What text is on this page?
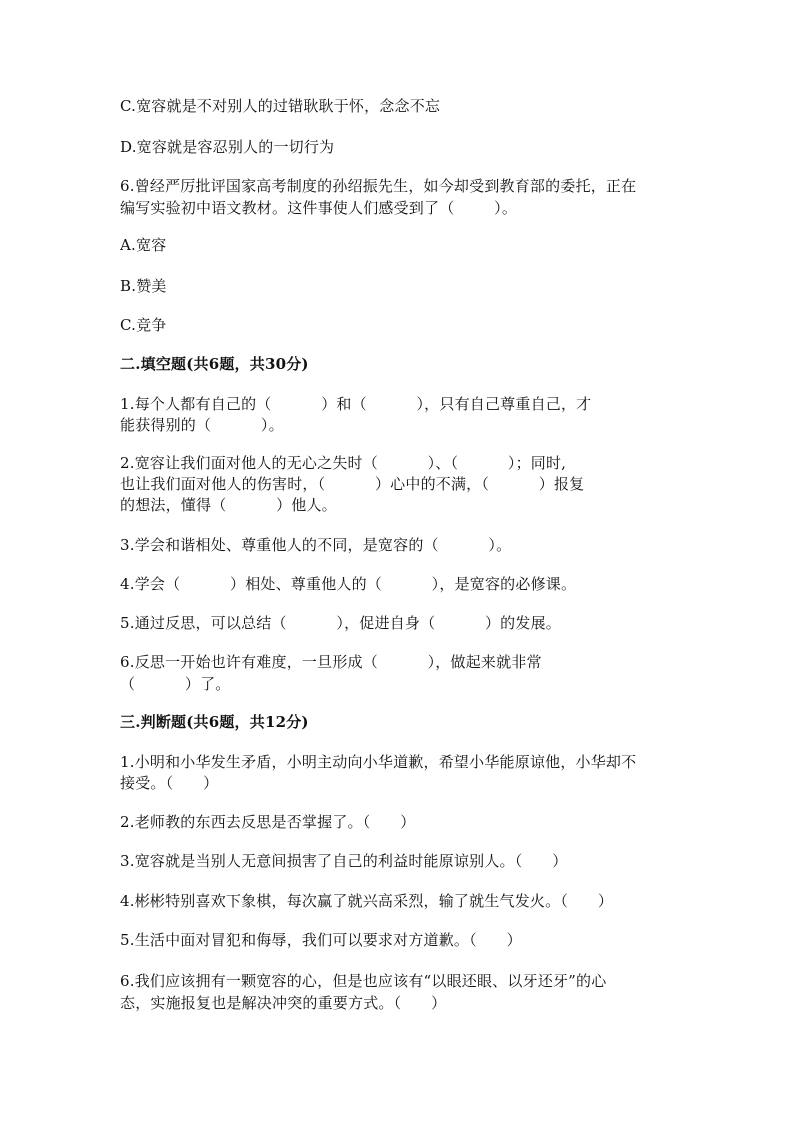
C.宽容就是不对别人的过错耿耿于怀，念念不忘
D.宽容就是容忍别人的一切行为
6.曾经严厉批评国家高考制度的孙绍振先生，如今却受到教育部的委托，正在
编写实验初中语文教材。这件事使人们感受到了（        ）。
A.宽容
B.赞美
C.竞争
二.填空题(共6题，共30分)
1.每个人都有自己的（          ）和（          ），只有自己尊重自己，才
能获得别的（          ）。
2.宽容让我们面对他人的无心之失时（          ）、（          ）；同时,
也让我们面对他人的伤害时，（          ）心中的不满，（          ）报复
的想法，懂得（          ）他人。
3.学会和谐相处、尊重他人的不同，是宽容的（          ）。
4.学会（          ）相处、尊重他人的（          ），是宽容的必修课。
5.通过反思，可以总结（          ），促进自身（          ）的发展。
6.反思一开始也许有难度，一旦形成（          ），做起来就非常
（          ）了。
三.判断题(共6题，共12分)
1.小明和小华发生矛盾，小明主动向小华道歉，希望小华能原谅他，小华却不
接受。（      ）
2.老师教的东西去反思是否掌握了。（      ）
3.宽容就是当别人无意间损害了自己的利益时能原谅别人。（      ）
4.彬彬特别喜欢下象棋，每次赢了就兴高采烈，输了就生气发火。（      ）
5.生活中面对冒犯和侮辱，我们可以要求对方道歉。（      ）
6.我们应该拥有一颗宽容的心，但是也应该有“以眼还眼、以牙还牙”的心
态，实施报复也是解决冲突的重要方式。（      ）
